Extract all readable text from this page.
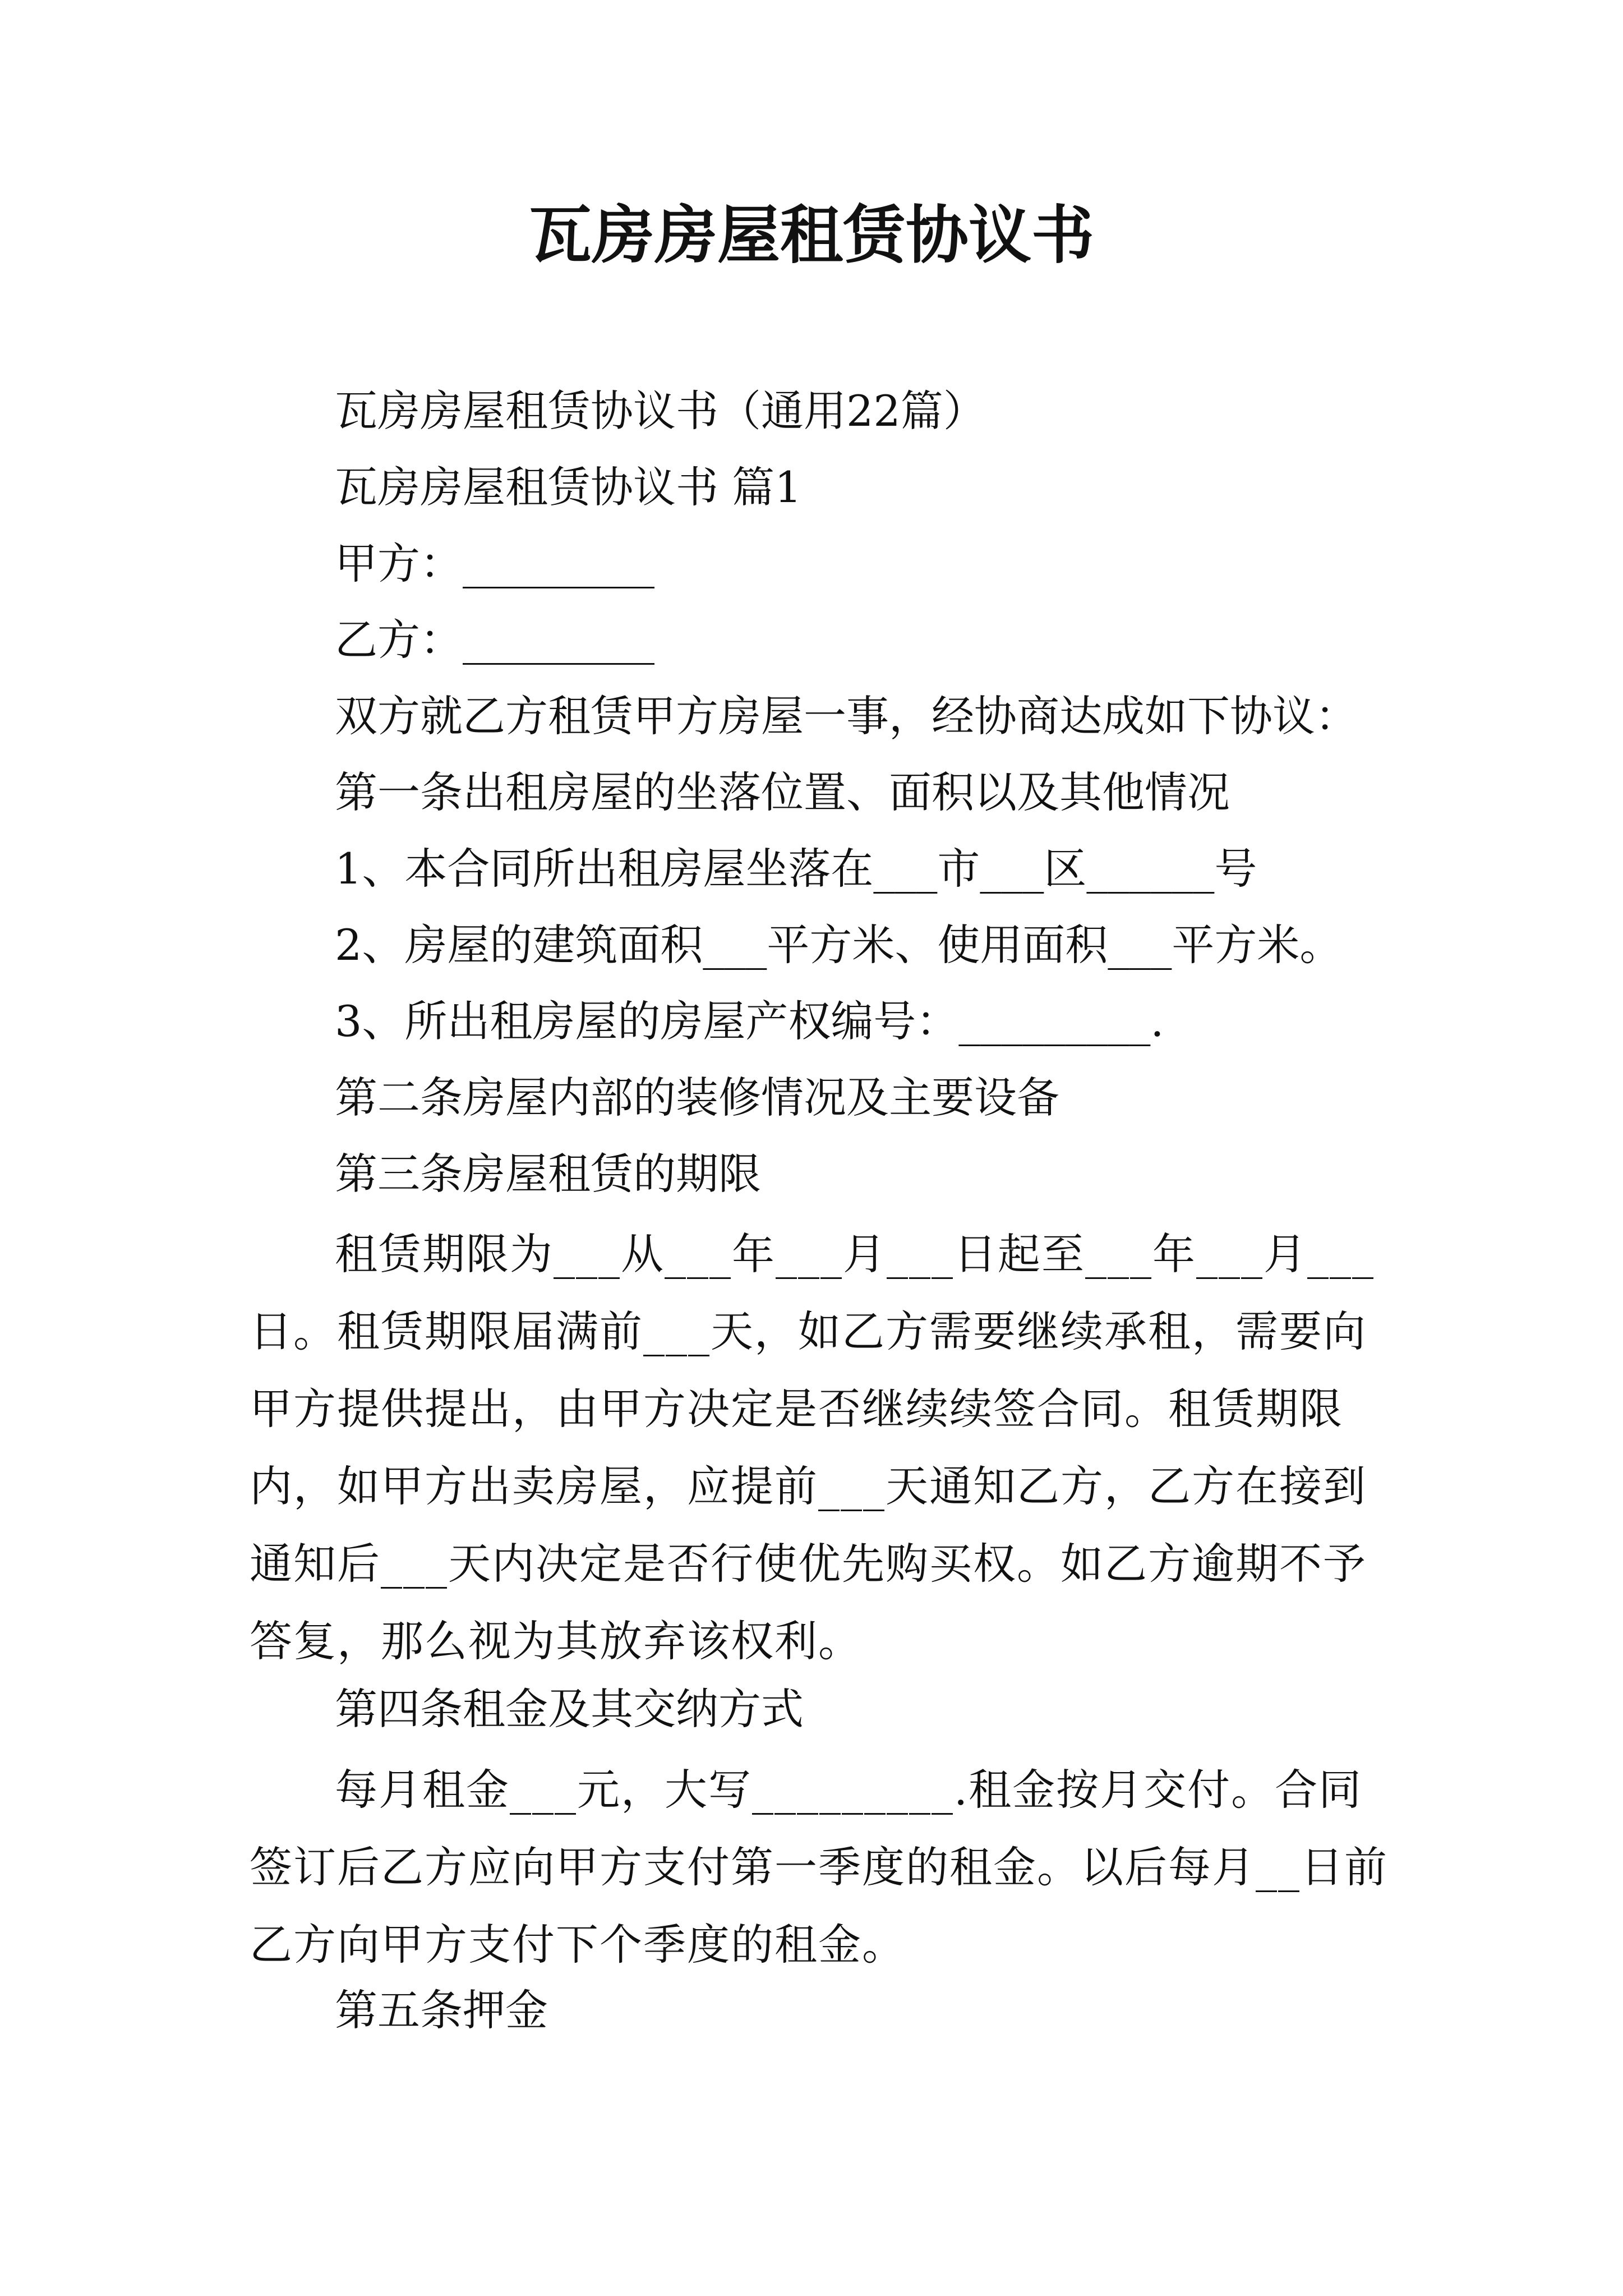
瓦房房屋租赁协议书

瓦房房屋租赁协议书（通用22篇）

瓦房房屋租赁协议书 篇1

甲方：_________

乙方：_________

双方就乙方租赁甲方房屋一事，经协商达成如下协议：

第一条出租房屋的坐落位置、面积以及其他情况

1、本合同所出租房屋坐落在___市___区______号

2、房屋的建筑面积___平方米、使用面积___平方米。

3、所出租房屋的房屋产权编号：_________.

第二条房屋内部的装修情况及主要设备

第三条房屋租赁的期限

租赁期限为___从___年___月___日起至___年___月___日。租赁期限届满前___天，如乙方需要继续承租，需要向甲方提供提出，由甲方决定是否继续续签合同。租赁期限内，如甲方出卖房屋，应提前___天通知乙方，乙方在接到通知后___天内决定是否行使优先购买权。如乙方逾期不予答复，那么视为其放弃该权利。

第四条租金及其交纳方式

每月租金___元，大写_________.租金按月交付。合同签订后乙方应向甲方支付第一季度的租金。以后每月__日前乙方向甲方支付下个季度的租金。

第五条押金
